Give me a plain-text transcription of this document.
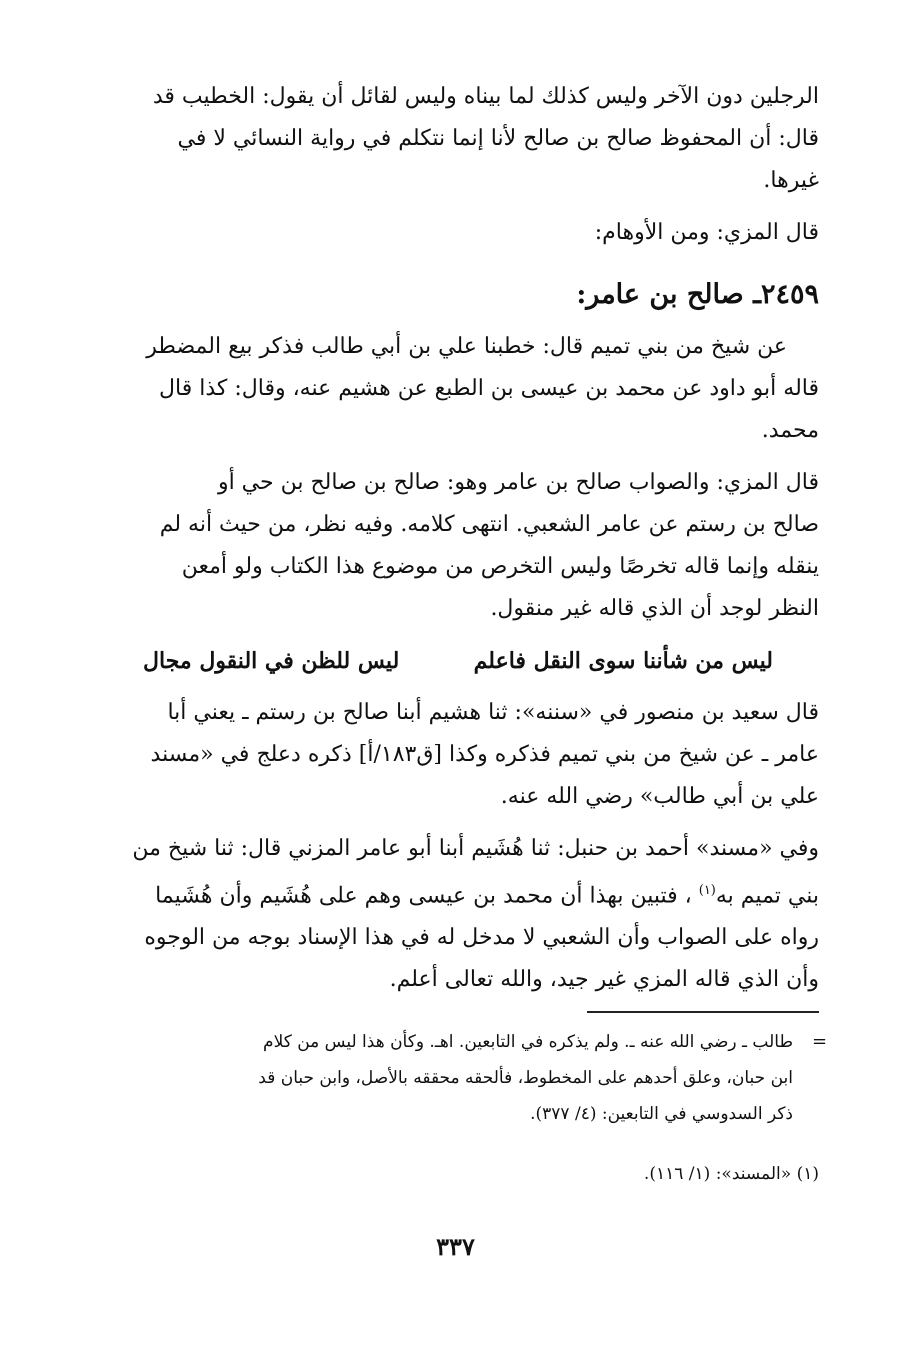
الرجلين دون الآخر وليس كذلك لما بيناه وليس لقائل أن يقول: الخطيب قد

قال: أن المحفوظ صالح بن صالح لأنا إنما نتكلم في رواية النسائي لا في

غيرها.

قال المزي: ومن الأوهام:

٢٤٥٩ـ صالح بن عامر:

عن شيخ من بني تميم قال: خطبنا علي بن أبي طالب فذكر بيع المضطر

قاله أبو داود عن محمد بن عيسى بن الطبع عن هشيم عنه، وقال: كذا قال

محمد.

قال المزي: والصواب صالح بن عامر وهو: صالح بن صالح بن حي أو

صالح بن رستم عن عامر الشعبي. انتهى كلامه. وفيه نظر، من حيث أنه لم

ينقله وإنما قاله تخرصًا وليس التخرص من موضوع هذا الكتاب ولو أمعن

النظر لوجد أن الذي قاله غير منقول.

ليس من شأننا سوى النقل فاعلم
ليس للظن في النقول مجال

قال سعيد بن منصور في «سننه»: ثنا هشيم أبنا صالح بن رستم ـ يعني أبا

عامر ـ عن شيخ من بني تميم فذكره وكذا [ق١٨٣/أ] ذكره دعلج في «مسند

علي بن أبي طالب» رضي الله عنه.

وفي «مسند» أحمد بن حنبل: ثنا هُشَيم أبنا أبو عامر المزني قال: ثنا شيخ من

بني تميم به$^{(١)}$ ، فتبين بهذا أن محمد بن عيسى وهم على هُشَيم وأن هُشَيما

رواه على الصواب وأن الشعبي لا مدخل له في هذا الإسناد بوجه من الوجوه

وأن الذي قاله المزي غير جيد، والله تعالى أعلم.

=

طالب ـ رضي الله عنه ـ. ولم يذكره في التابعين. اهـ. وكأن هذا ليس من كلام

ابن حبان، وعلق أحدهم على المخطوط، فألحقه محققه بالأصل، وابن حبان قد

ذكر السدوسي في التابعين: (٤/ ٣٧٧).

(١) «المسند»: (١/ ١١٦).

٣٣٧
